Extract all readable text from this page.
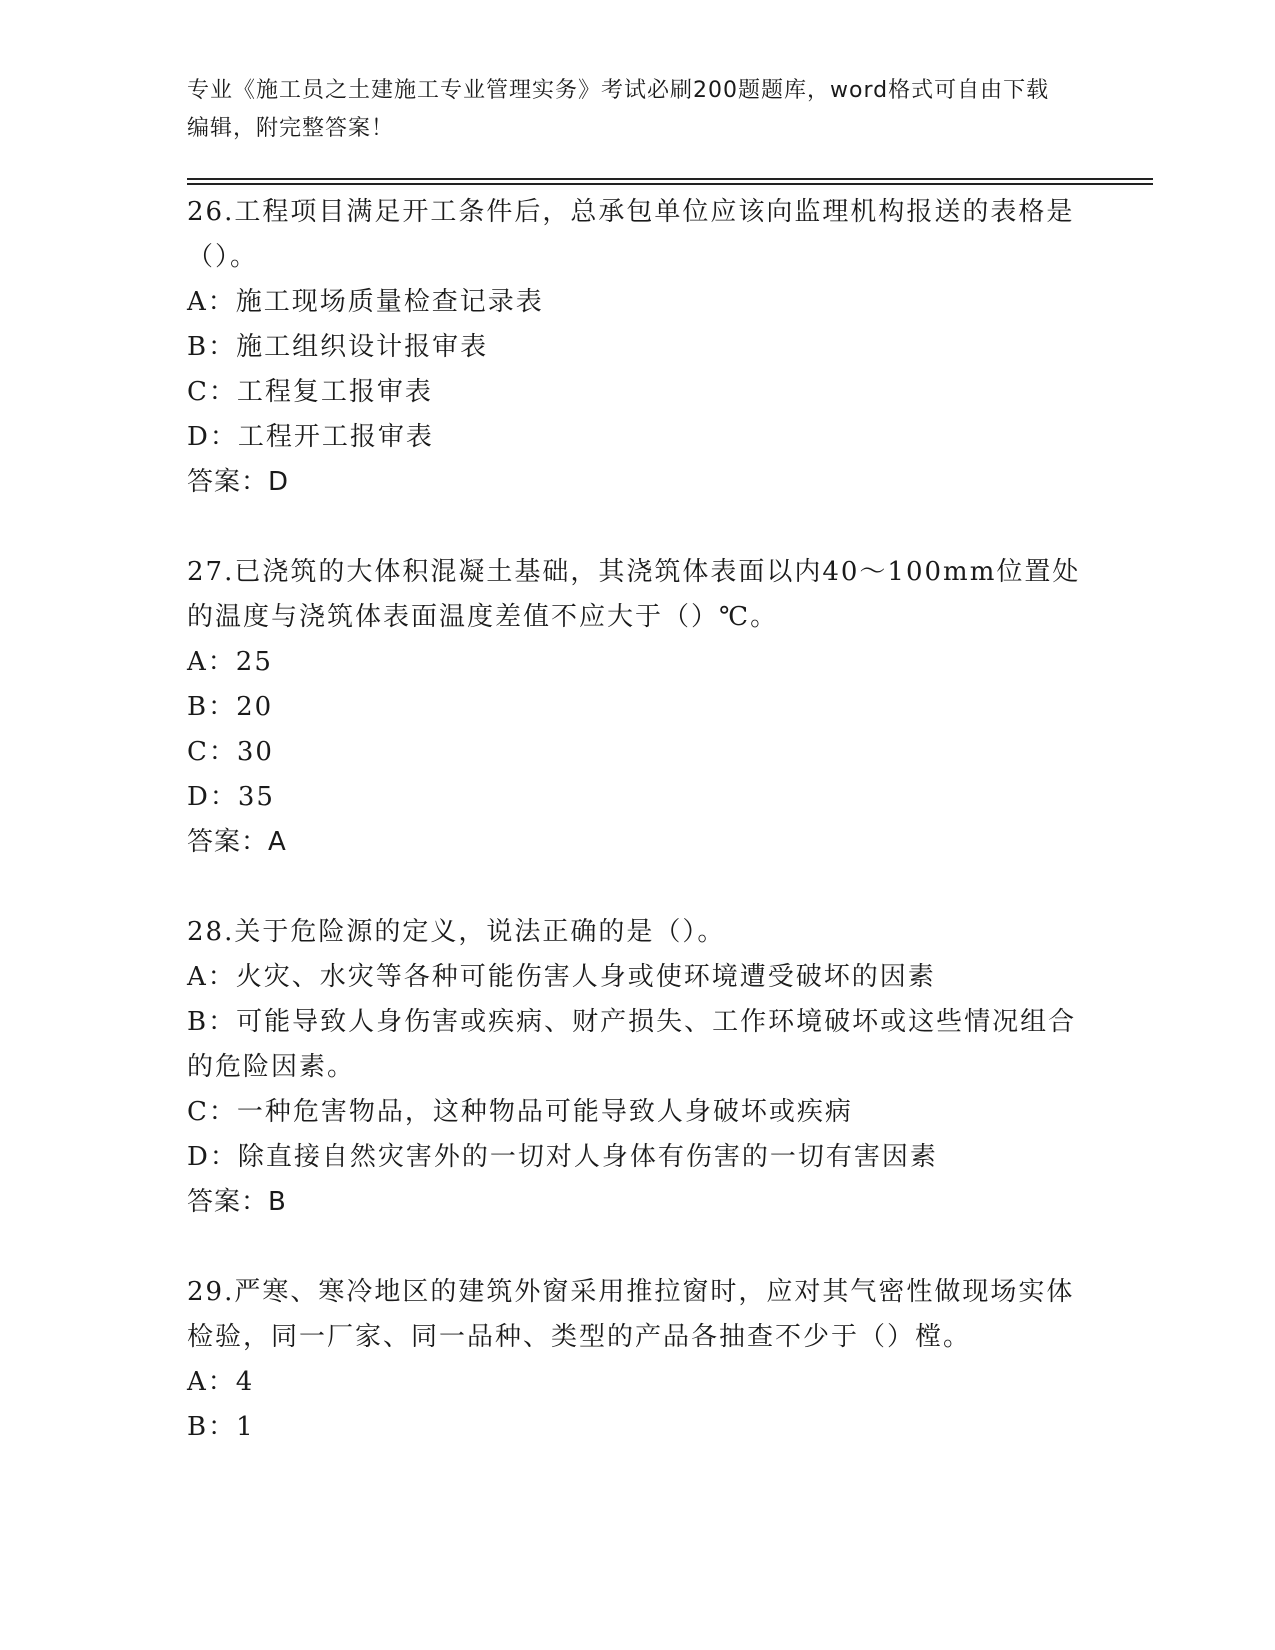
专业《施工员之土建施工专业管理实务》考试必刷200题题库，word格式可自由下载编辑，附完整答案！
26.工程项目满足开工条件后，总承包单位应该向监理机构报送的表格是（）。
A：施工现场质量检查记录表
B：施工组织设计报审表
C：工程复工报审表
D：工程开工报审表
答案：D
27.已浇筑的大体积混凝土基础，其浇筑体表面以内40～100mm位置处的温度与浇筑体表面温度差值不应大于（）℃。
A：25
B：20
C：30
D：35
答案：A
28.关于危险源的定义，说法正确的是（）。
A：火灾、水灾等各种可能伤害人身或使环境遭受破坏的因素
B：可能导致人身伤害或疾病、财产损失、工作环境破坏或这些情况组合的危险因素。
C：一种危害物品，这种物品可能导致人身破坏或疾病
D：除直接自然灾害外的一切对人身体有伤害的一切有害因素
答案：B
29.严寒、寒冷地区的建筑外窗采用推拉窗时，应对其气密性做现场实体检验，同一厂家、同一品种、类型的产品各抽查不少于（）樘。
A：4
B：1
